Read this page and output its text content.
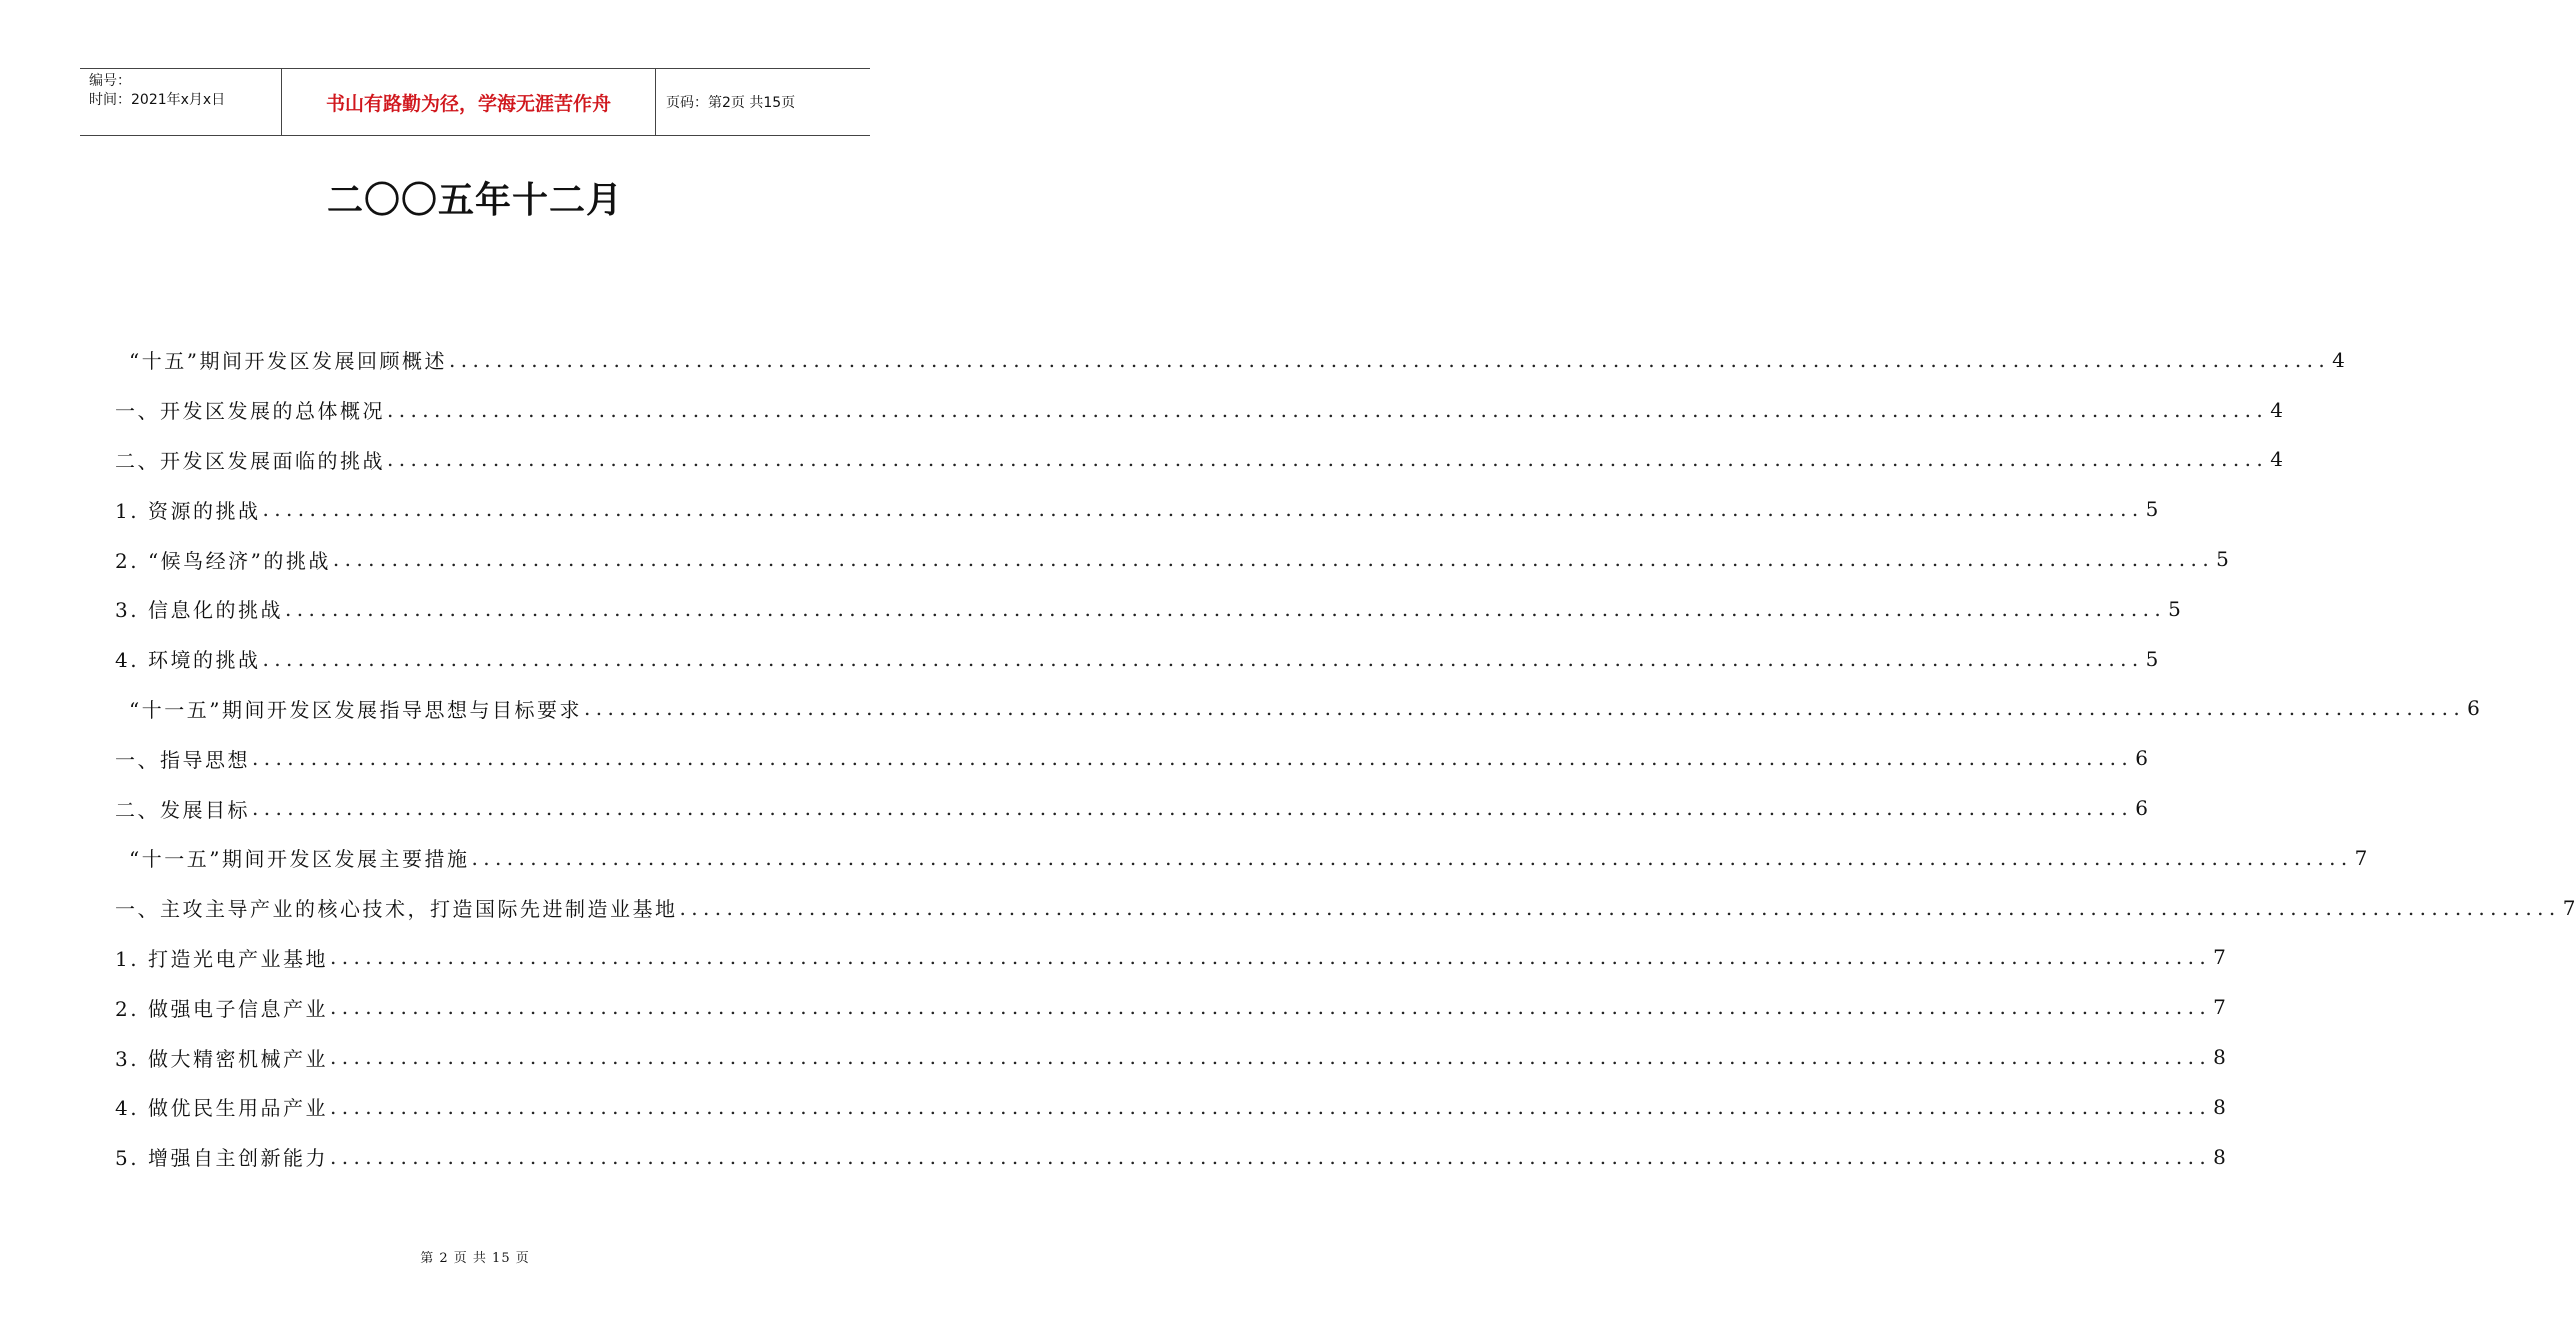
编号：
时间：2021年x月x日	书山有路勤为径，学海无涯苦作舟	页码：第2页 共15页
二〇〇五年十二月
“十五”期间开发区发展回顾概述 ................................................................................................................................................................ 4
一、开发区发展的总体概况 ................................................................................................................................................................ 4
二、开发区发展面临的挑战 ................................................................................................................................................................ 4
1. 资源的挑战 ................................................................................................................................................................ 5
2. “候鸟经济”的挑战 ................................................................................................................................................................ 5
3. 信息化的挑战 ................................................................................................................................................................ 5
4. 环境的挑战 ................................................................................................................................................................ 5
“十一五”期间开发区发展指导思想与目标要求 ................................................................................................................................................................ 6
一、指导思想 ................................................................................................................................................................ 6
二、发展目标 ................................................................................................................................................................ 6
“十一五”期间开发区发展主要措施 ................................................................................................................................................................ 7
一、主攻主导产业的核心技术，打造国际先进制造业基地 ................................................................................................................................................................ 7
1. 打造光电产业基地 ................................................................................................................................................................ 7
2. 做强电子信息产业 ................................................................................................................................................................ 7
3. 做大精密机械产业 ................................................................................................................................................................ 8
4. 做优民生用品产业 ................................................................................................................................................................ 8
5. 增强自主创新能力 ................................................................................................................................................................ 8
第 2 页 共 15 页
